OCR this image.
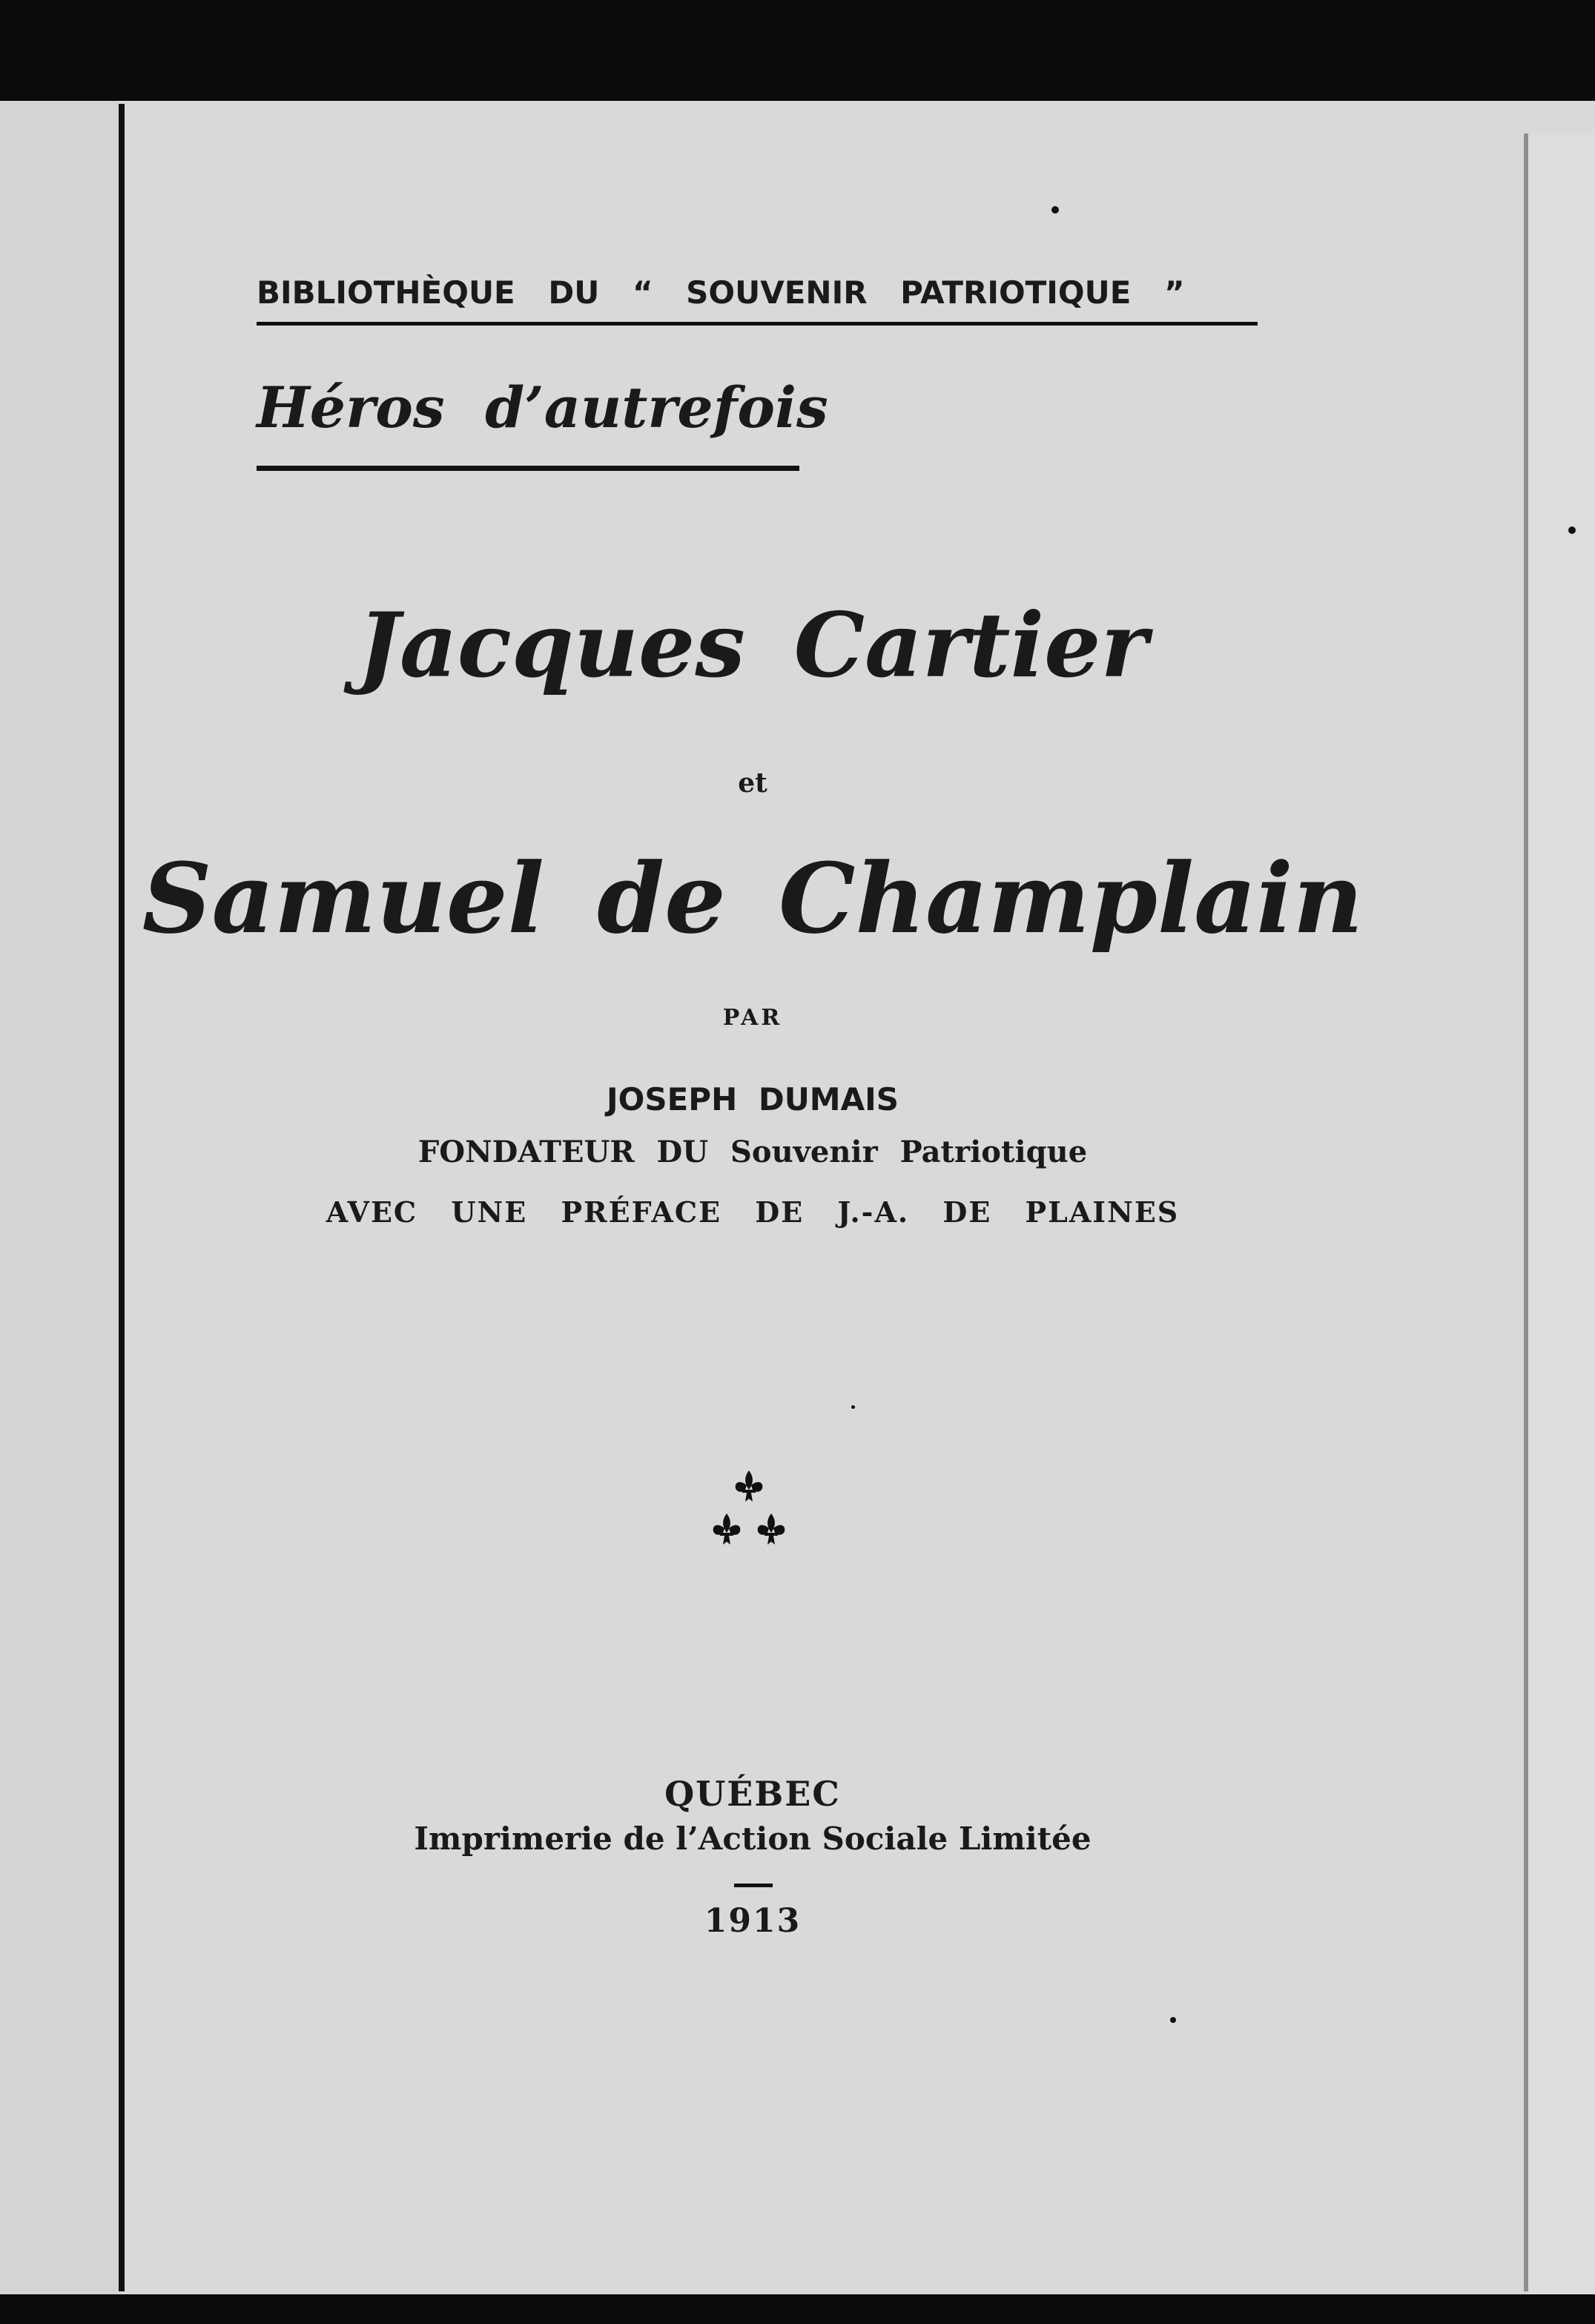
BIBLIOTHÈQUE DU “ SOUVENIR PATRIOTIQUE ”
Héros d’autrefois
Jacques Cartier
et
Samuel de Champlain
PAR
JOSEPH DUMAIS
FONDATEUR DU Souvenir Patriotique
AVEC UNE PRÉFACE DE J.-A. DE PLAINES
QUÉBEC
Imprimerie de l’Action Sociale Limitée
1913
